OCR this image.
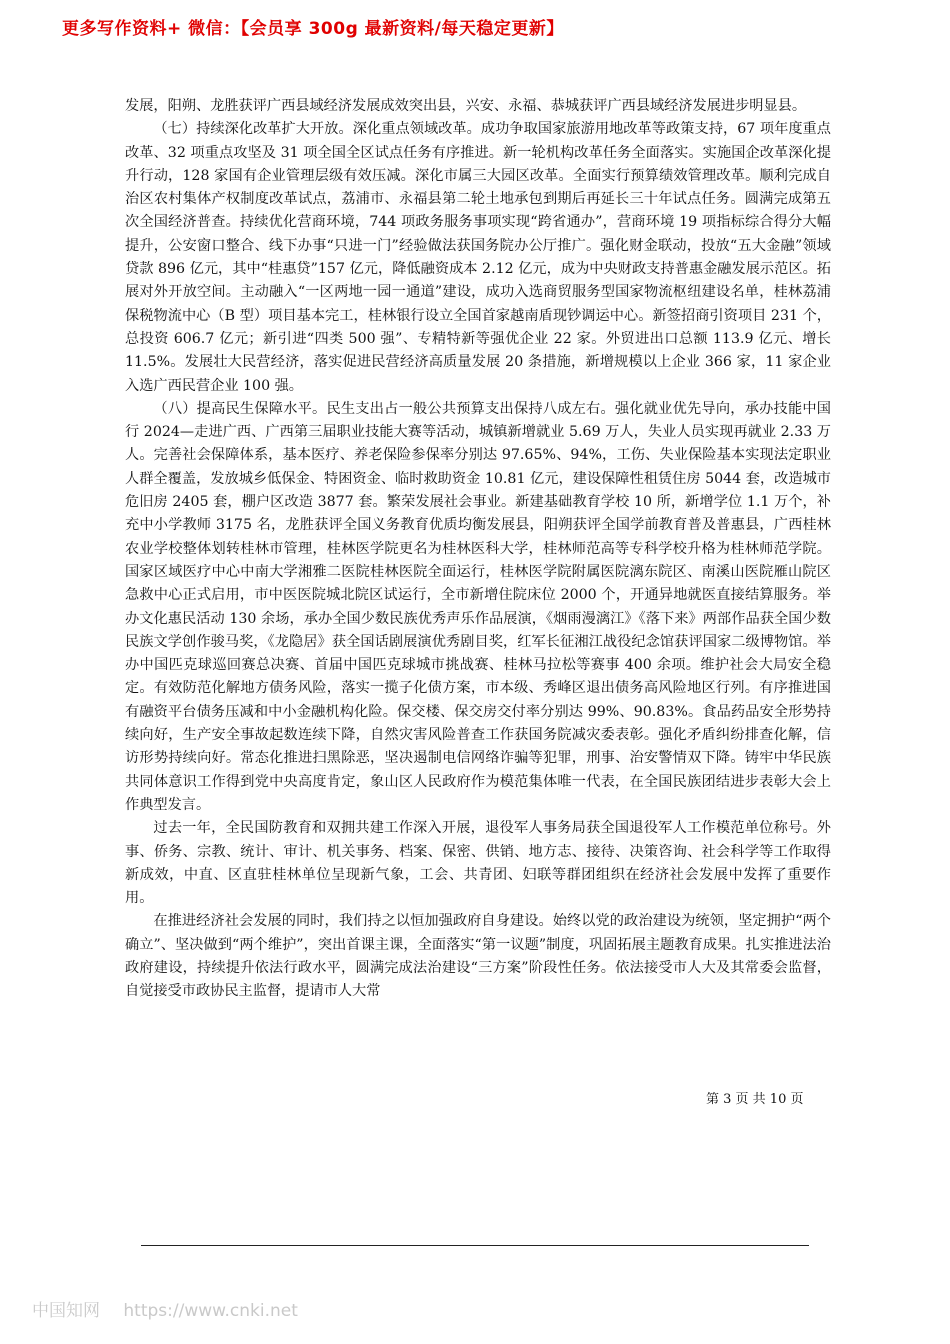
更多写作资料+ 微信：【会员享 300g 最新资料/每天稳定更新】

发展，阳朔、龙胜获评广西县域经济发展成效突出县，兴安、永福、恭城获评广西县域经济发展进步明显县。

（七）持续深化改革扩大开放。深化重点领域改革。成功争取国家旅游用地改革等政策支持，67 项年度重点改革、32 项重点攻坚及 31 项全国全区试点任务有序推进。新一轮机构改革任务全面落实。实施国企改革深化提升行动，128 家国有企业管理层级有效压减。深化市属三大园区改革。全面实行预算绩效管理改革。顺利完成自治区农村集体产权制度改革试点，荔浦市、永福县第二轮土地承包到期后再延长三十年试点任务。圆满完成第五次全国经济普查。持续优化营商环境，744 项政务服务事项实现“跨省通办”，营商环境 19 项指标综合得分大幅提升，公安窗口整合、线下办事“只进一门”经验做法获国务院办公厅推广。强化财金联动，投放“五大金融”领域贷款 896 亿元，其中“桂惠贷”157 亿元，降低融资成本 2.12 亿元，成为中央财政支持普惠金融发展示范区。拓展对外开放空间。主动融入“一区两地一园一通道”建设，成功入选商贸服务型国家物流枢纽建设名单，桂林荔浦保税物流中心（B 型）项目基本完工，桂林银行设立全国首家越南盾现钞调运中心。新签招商引资项目 231 个，总投资 606.7 亿元；新引进“四类 500 强”、专精特新等强优企业 22 家。外贸进出口总额 113.9 亿元、增长 11.5%。发展壮大民营经济，落实促进民营经济高质量发展 20 条措施，新增规模以上企业 366 家，11 家企业入选广西民营企业 100 强。

（八）提高民生保障水平。民生支出占一般公共预算支出保持八成左右。强化就业优先导向，承办技能中国行 2024—走进广西、广西第三届职业技能大赛等活动，城镇新增就业 5.69 万人，失业人员实现再就业 2.33 万人。完善社会保障体系，基本医疗、养老保险参保率分别达 97.65%、94%，工伤、失业保险基本实现法定职业人群全覆盖，发放城乡低保金、特困资金、临时救助资金 10.81 亿元，建设保障性租赁住房 5044 套，改造城市危旧房 2405 套，棚户区改造 3877 套。繁荣发展社会事业。新建基础教育学校 10 所，新增学位 1.1 万个，补充中小学教师 3175 名，龙胜获评全国义务教育优质均衡发展县，阳朔获评全国学前教育普及普惠县，广西桂林农业学校整体划转桂林市管理，桂林医学院更名为桂林医科大学，桂林师范高等专科学校升格为桂林师范学院。国家区域医疗中心中南大学湘雅二医院桂林医院全面运行，桂林医学院附属医院漓东院区、南溪山医院雁山院区急救中心正式启用，市中医医院城北院区试运行，全市新增住院床位 2000 个，开通异地就医直接结算服务。举办文化惠民活动 130 余场，承办全国少数民族优秀声乐作品展演，《烟雨漫漓江》《落下来》两部作品获全国少数民族文学创作骏马奖，《龙隐居》获全国话剧展演优秀剧目奖，红军长征湘江战役纪念馆获评国家二级博物馆。举办中国匹克球巡回赛总决赛、首届中国匹克球城市挑战赛、桂林马拉松等赛事 400 余项。维护社会大局安全稳定。有效防范化解地方债务风险，落实一揽子化债方案，市本级、秀峰区退出债务高风险地区行列。有序推进国有融资平台债务压减和中小金融机构化险。保交楼、保交房交付率分别达 99%、90.83%。食品药品安全形势持续向好，生产安全事故起数连续下降，自然灾害风险普查工作获国务院减灾委表彰。强化矛盾纠纷排查化解，信访形势持续向好。常态化推进扫黑除恶，坚决遏制电信网络诈骗等犯罪，刑事、治安警情双下降。铸牢中华民族共同体意识工作得到党中央高度肯定，象山区人民政府作为模范集体唯一代表，在全国民族团结进步表彰大会上作典型发言。

过去一年，全民国防教育和双拥共建工作深入开展，退役军人事务局获全国退役军人工作模范单位称号。外事、侨务、宗教、统计、审计、机关事务、档案、保密、供销、地方志、接待、决策咨询、社会科学等工作取得新成效，中直、区直驻桂林单位呈现新气象，工会、共青团、妇联等群团组织在经济社会发展中发挥了重要作用。

在推进经济社会发展的同时，我们持之以恒加强政府自身建设。始终以党的政治建设为统领，坚定拥护“两个确立”、坚决做到“两个维护”，突出首课主课，全面落实“第一议题”制度，巩固拓展主题教育成果。扎实推进法治政府建设，持续提升依法行政水平，圆满完成法治建设“三方案”阶段性任务。依法接受市人大及其常委会监督，自觉接受市政协民主监督，提请市人大常

第 3 页 共 10 页
中国知网 https://www.cnki.net
